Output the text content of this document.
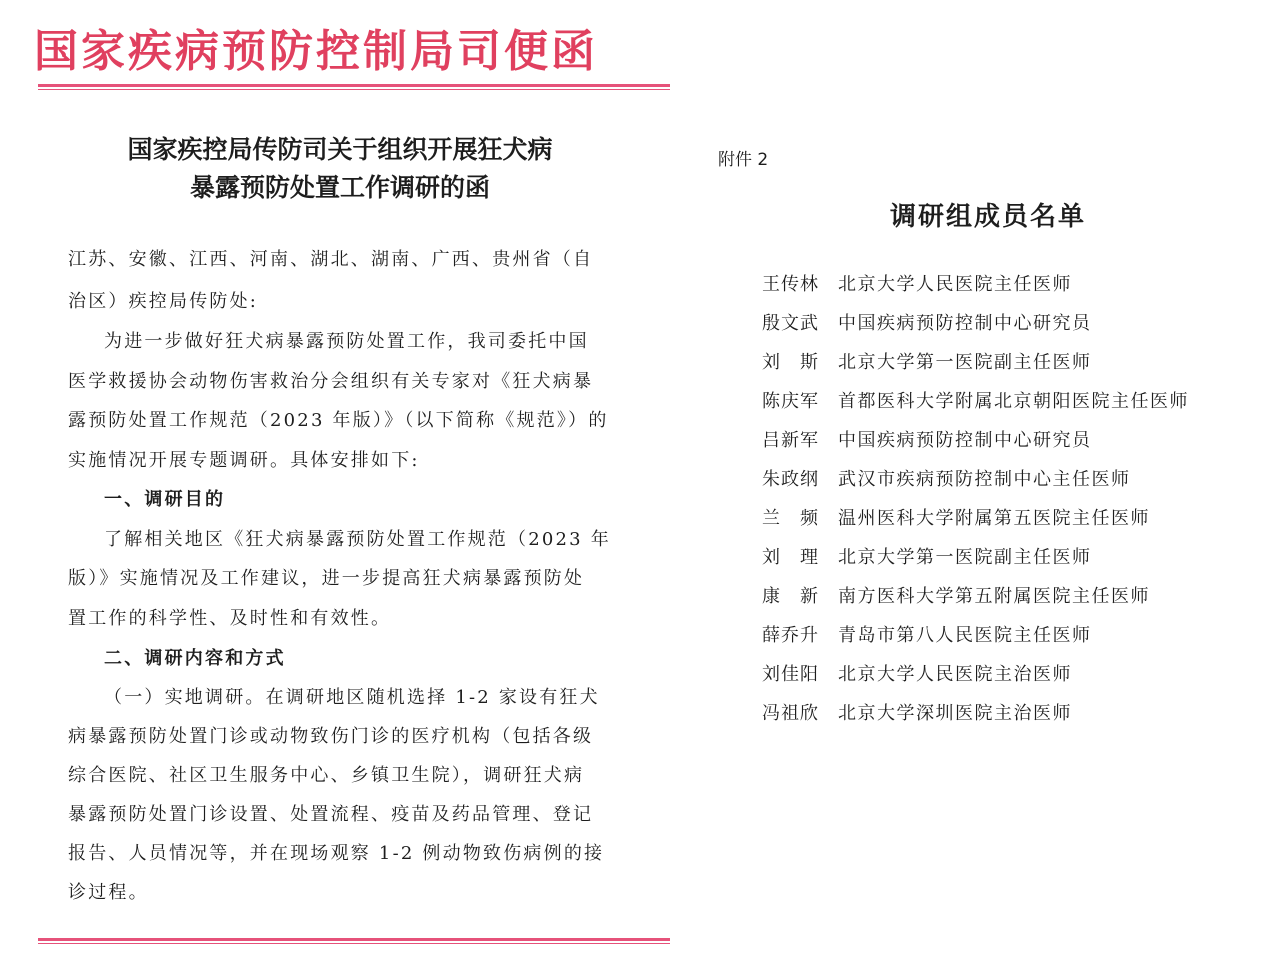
国家疾病预防控制局司便函
国家疾控局传防司关于组织开展狂犬病
暴露预防处置工作调研的函
江苏、安徽、江西、河南、湖北、湖南、广西、贵州省（自
治区）疾控局传防处:
为进一步做好狂犬病暴露预防处置工作，我司委托中国
医学救援协会动物伤害救治分会组织有关专家对《狂犬病暴
露预防处置工作规范（2023 年版）》（以下简称《规范》）的
实施情况开展专题调研。具体安排如下:
一、调研目的
了解相关地区《狂犬病暴露预防处置工作规范（2023 年
版）》实施情况及工作建议，进一步提高狂犬病暴露预防处
置工作的科学性、及时性和有效性。
二、调研内容和方式
（一）实地调研。在调研地区随机选择 1-2 家设有狂犬
病暴露预防处置门诊或动物致伤门诊的医疗机构（包括各级
综合医院、社区卫生服务中心、乡镇卫生院），调研狂犬病
暴露预防处置门诊设置、处置流程、疫苗及药品管理、登记
报告、人员情况等，并在现场观察 1-2 例动物致伤病例的接
诊过程。
附件 2
调研组成员名单
王传林 北京大学人民医院主任医师
殷文武 中国疾病预防控制中心研究员
刘　斯 北京大学第一医院副主任医师
陈庆军 首都医科大学附属北京朝阳医院主任医师
吕新军 中国疾病预防控制中心研究员
朱政纲 武汉市疾病预防控制中心主任医师
兰　频 温州医科大学附属第五医院主任医师
刘　理 北京大学第一医院副主任医师
康　新 南方医科大学第五附属医院主任医师
薛乔升 青岛市第八人民医院主任医师
刘佳阳 北京大学人民医院主治医师
冯祖欣 北京大学深圳医院主治医师
